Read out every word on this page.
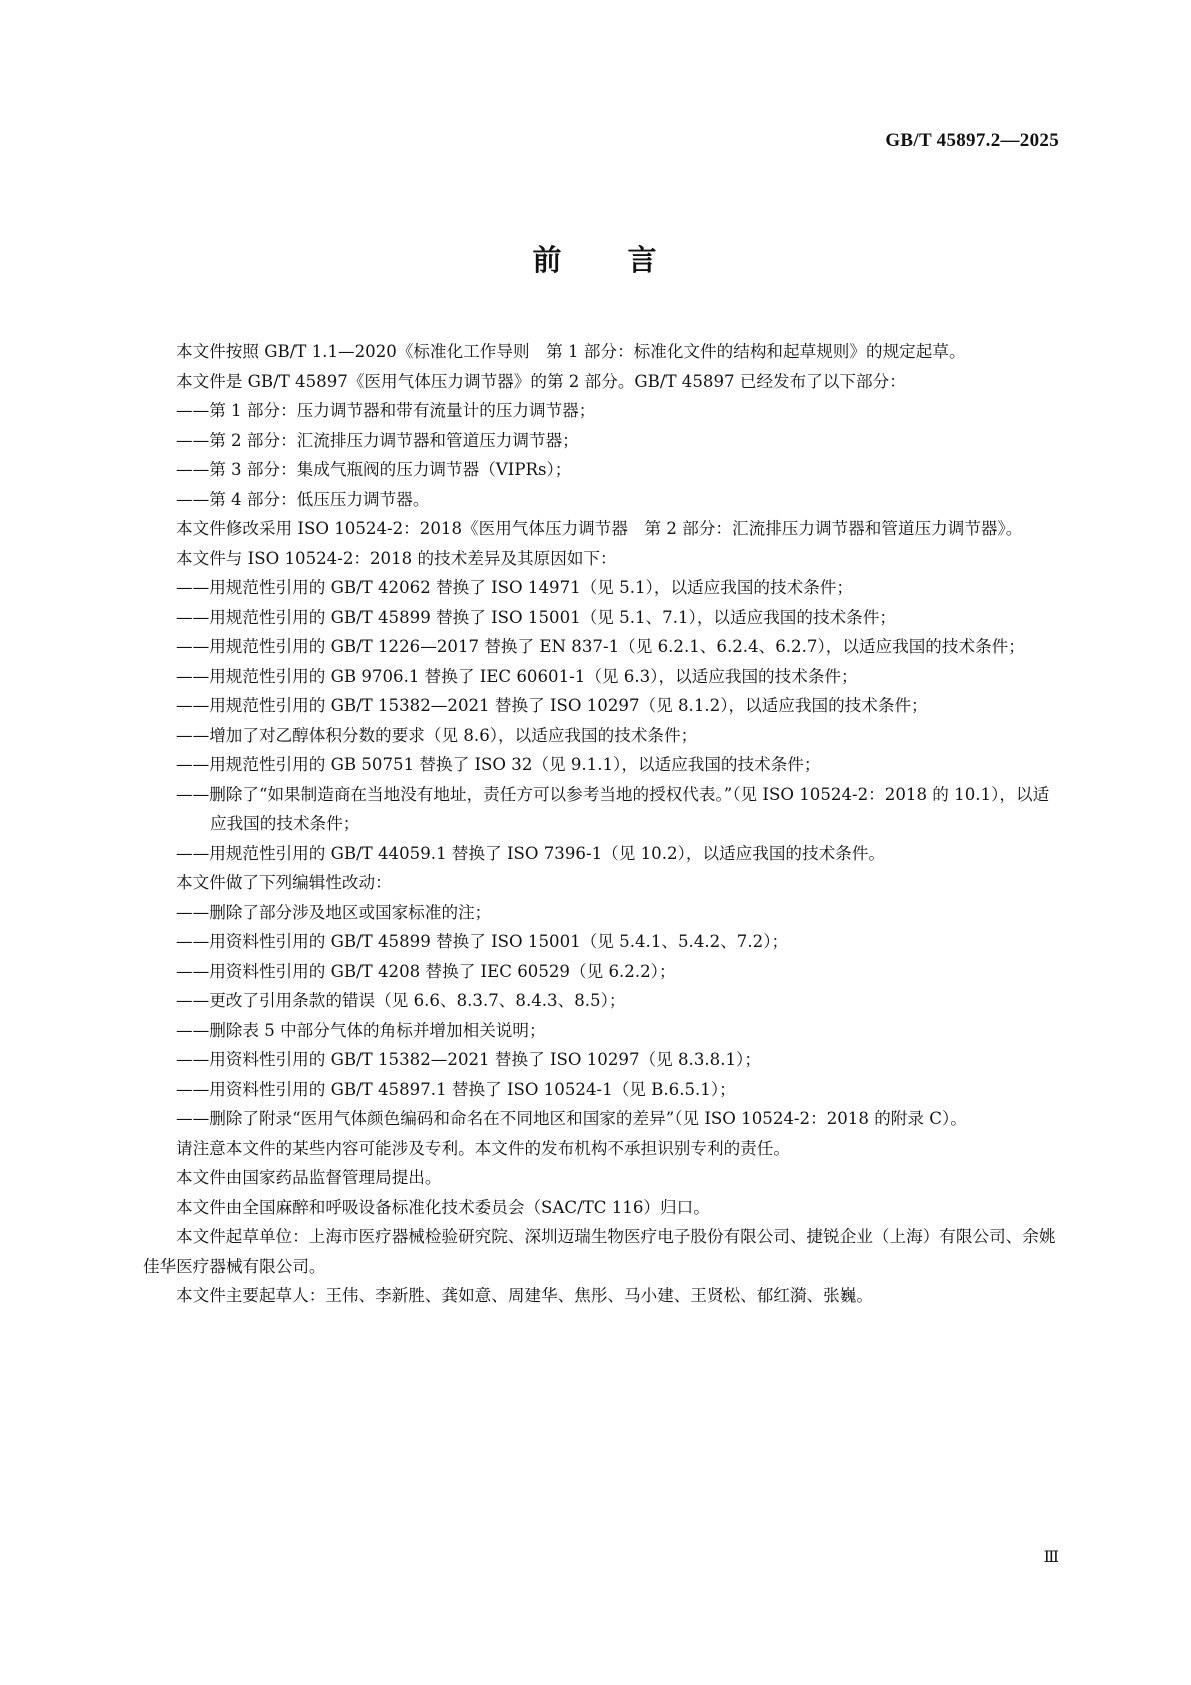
GB/T 45897.2—2025
前 言

本文件按照 GB/T 1.1—2020《标准化工作导则　第 1 部分：标准化文件的结构和起草规则》的规定起草。

本文件是 GB/T 45897《医用气体压力调节器》的第 2 部分。GB/T 45897 已经发布了以下部分：

——第 1 部分：压力调节器和带有流量计的压力调节器；

——第 2 部分：汇流排压力调节器和管道压力调节器；

——第 3 部分：集成气瓶阀的压力调节器（VIPRs）；

——第 4 部分：低压压力调节器。

本文件修改采用 ISO 10524-2：2018《医用气体压力调节器　第 2 部分：汇流排压力调节器和管道压力调节器》。

本文件与 ISO 10524-2：2018 的技术差异及其原因如下：

——用规范性引用的 GB/T 42062 替换了 ISO 14971（见 5.1），以适应我国的技术条件；

——用规范性引用的 GB/T 45899 替换了 ISO 15001（见 5.1、7.1），以适应我国的技术条件；

——用规范性引用的 GB/T 1226—2017 替换了 EN 837-1（见 6.2.1、6.2.4、6.2.7），以适应我国的技术条件；

——用规范性引用的 GB 9706.1 替换了 IEC 60601-1（见 6.3），以适应我国的技术条件；

——用规范性引用的 GB/T 15382—2021 替换了 ISO 10297（见 8.1.2），以适应我国的技术条件；

——增加了对乙醇体积分数的要求（见 8.6），以适应我国的技术条件；

——用规范性引用的 GB 50751 替换了 ISO 32（见 9.1.1），以适应我国的技术条件；

——删除了“如果制造商在当地没有地址，责任方可以参考当地的授权代表。”（见 ISO 10524-2：2018 的 10.1），以适应我国的技术条件；

——用规范性引用的 GB/T 44059.1 替换了 ISO 7396-1（见 10.2），以适应我国的技术条件。

本文件做了下列编辑性改动：

——删除了部分涉及地区或国家标准的注；

——用资料性引用的 GB/T 45899 替换了 ISO 15001（见 5.4.1、5.4.2、7.2）；

——用资料性引用的 GB/T 4208 替换了 IEC 60529（见 6.2.2）；

——更改了引用条款的错误（见 6.6、8.3.7、8.4.3、8.5）；

——删除表 5 中部分气体的角标并增加相关说明；

——用资料性引用的 GB/T 15382—2021 替换了 ISO 10297（见 8.3.8.1）；

——用资料性引用的 GB/T 45897.1 替换了 ISO 10524-1（见 B.6.5.1）；

——删除了附录“医用气体颜色编码和命名在不同地区和国家的差异”（见 ISO 10524-2：2018 的附录 C）。

请注意本文件的某些内容可能涉及专利。本文件的发布机构不承担识别专利的责任。

本文件由国家药品监督管理局提出。

本文件由全国麻醉和呼吸设备标准化技术委员会（SAC/TC 116）归口。

本文件起草单位：上海市医疗器械检验研究院、深圳迈瑞生物医疗电子股份有限公司、捷锐企业（上海）有限公司、余姚佳华医疗器械有限公司。

本文件主要起草人：王伟、李新胜、龚如意、周建华、焦彤、马小建、王贤松、郁红漪、张巍。

Ⅲ
